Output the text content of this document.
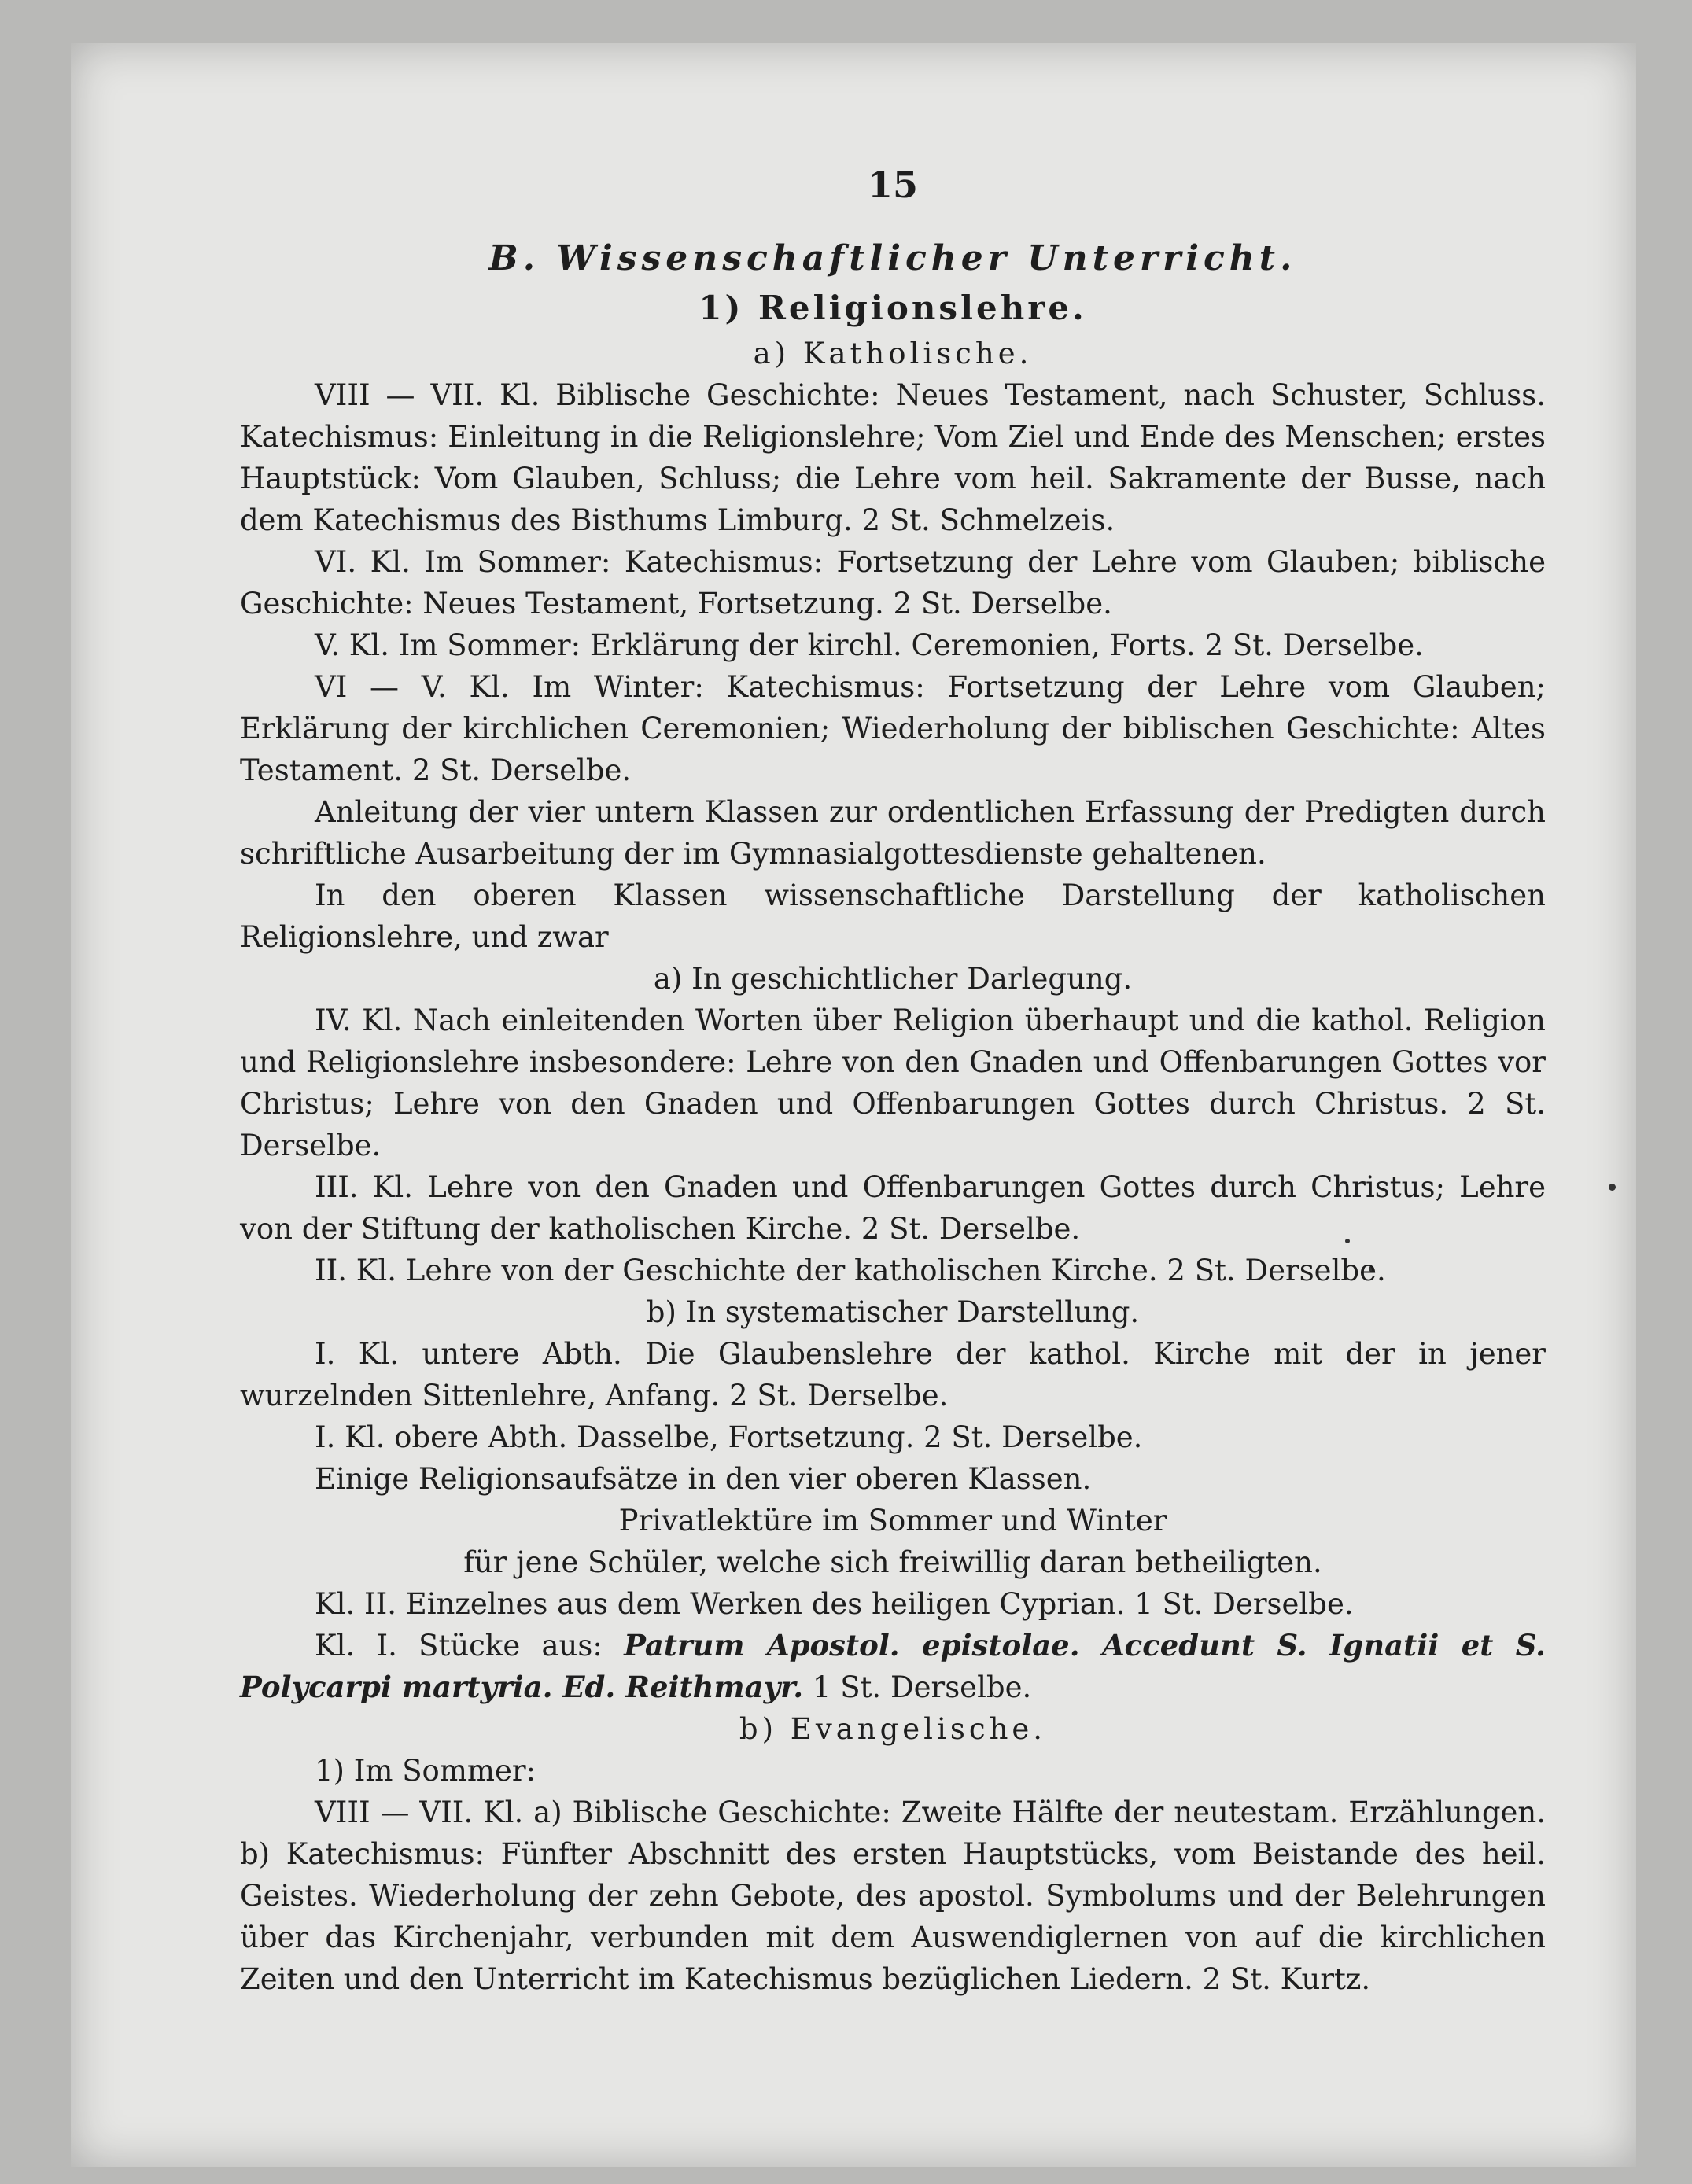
15
B. Wissenschaftlicher Unterricht.
1) Religionslehre.
a) Katholische.
VIII — VII. Kl. Biblische Geschichte: Neues Testament, nach Schuster, Schluss. Katechismus: Einleitung in die Religionslehre; Vom Ziel und Ende des Menschen; erstes Hauptstück: Vom Glauben, Schluss; die Lehre vom heil. Sakramente der Busse, nach dem Katechismus des Bisthums Limburg. 2 St. Schmelzeis.
VI. Kl. Im Sommer: Katechismus: Fortsetzung der Lehre vom Glauben; biblische Geschichte: Neues Testament, Fortsetzung. 2 St. Derselbe.
V. Kl. Im Sommer: Erklärung der kirchl. Ceremonien, Forts. 2 St. Derselbe.
VI — V. Kl. Im Winter: Katechismus: Fortsetzung der Lehre vom Glauben; Erklärung der kirchlichen Ceremonien; Wiederholung der biblischen Geschichte: Altes Testament. 2 St. Derselbe.
Anleitung der vier untern Klassen zur ordentlichen Erfassung der Predigten durch schriftliche Ausarbeitung der im Gymnasialgottesdienste gehaltenen.
In den oberen Klassen wissenschaftliche Darstellung der katholischen Religionslehre, und zwar
a) In geschichtlicher Darlegung.
IV. Kl. Nach einleitenden Worten über Religion überhaupt und die kathol. Religion und Religionslehre insbesondere: Lehre von den Gnaden und Offenbarungen Gottes vor Christus; Lehre von den Gnaden und Offenbarungen Gottes durch Christus. 2 St. Derselbe.
III. Kl. Lehre von den Gnaden und Offenbarungen Gottes durch Christus; Lehre von der Stiftung der katholischen Kirche. 2 St. Derselbe.
II. Kl. Lehre von der Geschichte der katholischen Kirche. 2 St. Derselbe.
b) In systematischer Darstellung.
I. Kl. untere Abth. Die Glaubenslehre der kathol. Kirche mit der in jener wurzelnden Sittenlehre, Anfang. 2 St. Derselbe.
I. Kl. obere Abth. Dasselbe, Fortsetzung. 2 St. Derselbe.
Einige Religionsaufsätze in den vier oberen Klassen.
Privatlektüre im Sommer und Winter
für jene Schüler, welche sich freiwillig daran betheiligten.
Kl. II. Einzelnes aus dem Werken des heiligen Cyprian. 1 St. Derselbe.
Kl. I. Stücke aus: Patrum Apostol. epistolae. Accedunt S. Ignatii et S. Polycarpi martyria. Ed. Reithmayr. 1 St. Derselbe.
b) Evangelische.
1) Im Sommer:
VIII — VII. Kl. a) Biblische Geschichte: Zweite Hälfte der neutestam. Erzählungen. b) Katechismus: Fünfter Abschnitt des ersten Hauptstücks, vom Beistande des heil. Geistes. Wiederholung der zehn Gebote, des apostol. Symbolums und der Belehrungen über das Kirchenjahr, verbunden mit dem Auswendiglernen von auf die kirchlichen Zeiten und den Unterricht im Katechismus bezüglichen Liedern. 2 St. Kurtz.
